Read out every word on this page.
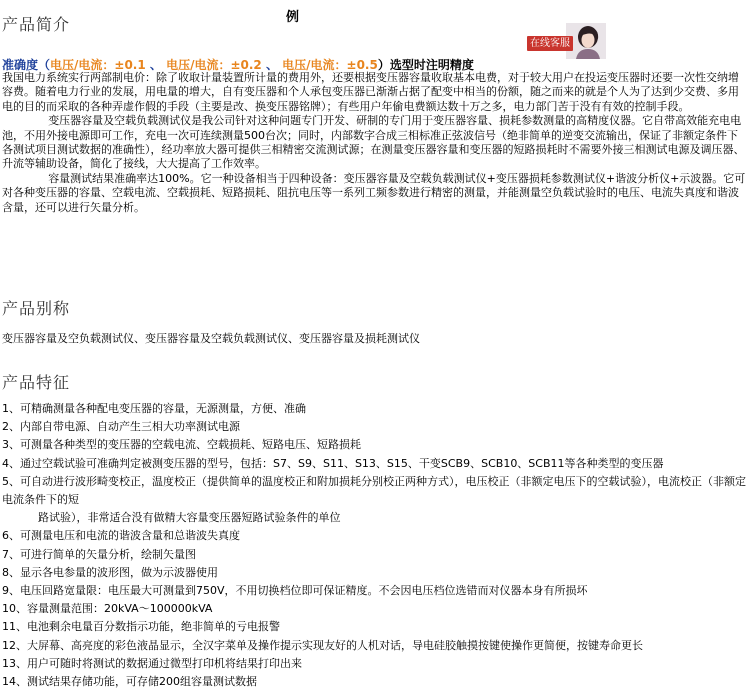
例
产品简介
在线客服
准确度（电压/电流：±0.1 、 电压/电流：±0.2 、 电压/电流：±0.5）选型时注明精度

我国电力系统实行两部制电价：除了收取计量装置所计量的费用外，还要根据变压器容量收取基本电费，对于较大用户在投运变压器时还要一次性交纳增容费。随着电力行业的发展，用电量的增大，自有变压器和个人承包变压器已渐渐占据了配变中相当的份额，随之而来的就是个人为了达到少交费、多用电的目的而采取的各种弄虚作假的手段（主要是改、换变压器铭牌）；有些用户年偷电费额达数十万之多，电力部门苦于没有有效的控制手段。

变压器容量及空载负载测试仪是我公司针对这种问题专门开发、研制的专门用于变压器容量、损耗参数测量的高精度仪器。它自带高效能充电电池，不用外接电源即可工作，充电一次可连续测量500台次；同时，内部数字合成三相标准正弦波信号（绝非简单的逆变交流输出，保证了非额定条件下各测试项目测试数据的准确性），经功率放大器可提供三相精密交流测试源；在测量变压器容量和变压器的短路损耗时不需要外接三相测试电源及调压器、升流等辅助设备，简化了接线，大大提高了工作效率。

容量测试结果准确率达100%。它一种设备相当于四种设备：变压器容量及空载负载测试仪+变压器损耗参数测试仪+谐波分析仪+示波器。它可对各种变压器的容量、空载电流、空载损耗、短路损耗、阻抗电压等一系列工频参数进行精密的测量，并能测量空负载试验时的电压、电流失真度和谐波含量，还可以进行矢量分析。

产品别称
变压器容量及空负载测试仪、变压器容量及空载负载测试仪、变压器容量及损耗测试仪
产品特征
1、可精确测量各种配电变压器的容量，无源测量，方便、准确
2、内部自带电源、自动产生三相大功率测试电源
3、可测量各种类型的变压器的空载电流、空载损耗、短路电压、短路损耗
4、通过空载试验可准确判定被测变压器的型号，包括：S7、S9、S11、S13、S15、干变SCB9、SCB10、SCB11等各种类型的变压器
5、可自动进行波形畸变校正，温度校正（提供简单的温度校正和附加损耗分别校正两种方式），电压校正（非额定电压下的空载试验），电流校正（非额定电流条件下的短
路试验），非常适合没有做精大容量变压器短路试验条件的单位
6、可测量电压和电流的谐波含量和总谐波失真度
7、可进行简单的矢量分析，绘制矢量图
8、显示各电参量的波形图，做为示波器使用
9、电压回路宽量限：电压最大可测量到750V，不用切换档位即可保证精度。不会因电压档位选错而对仪器本身有所损坏
10、容量测量范围：20kVA～100000kVA
11、电池剩余电量百分数指示功能，绝非简单的亏电报警
12、大屏幕、高亮度的彩色液晶显示，全汉字菜单及操作提示实现友好的人机对话，导电硅胶触摸按键使操作更简便，按键寿命更长
13、用户可随时将测试的数据通过微型打印机将结果打印出来
14、测试结果存储功能，可存储200组容量测试数据
